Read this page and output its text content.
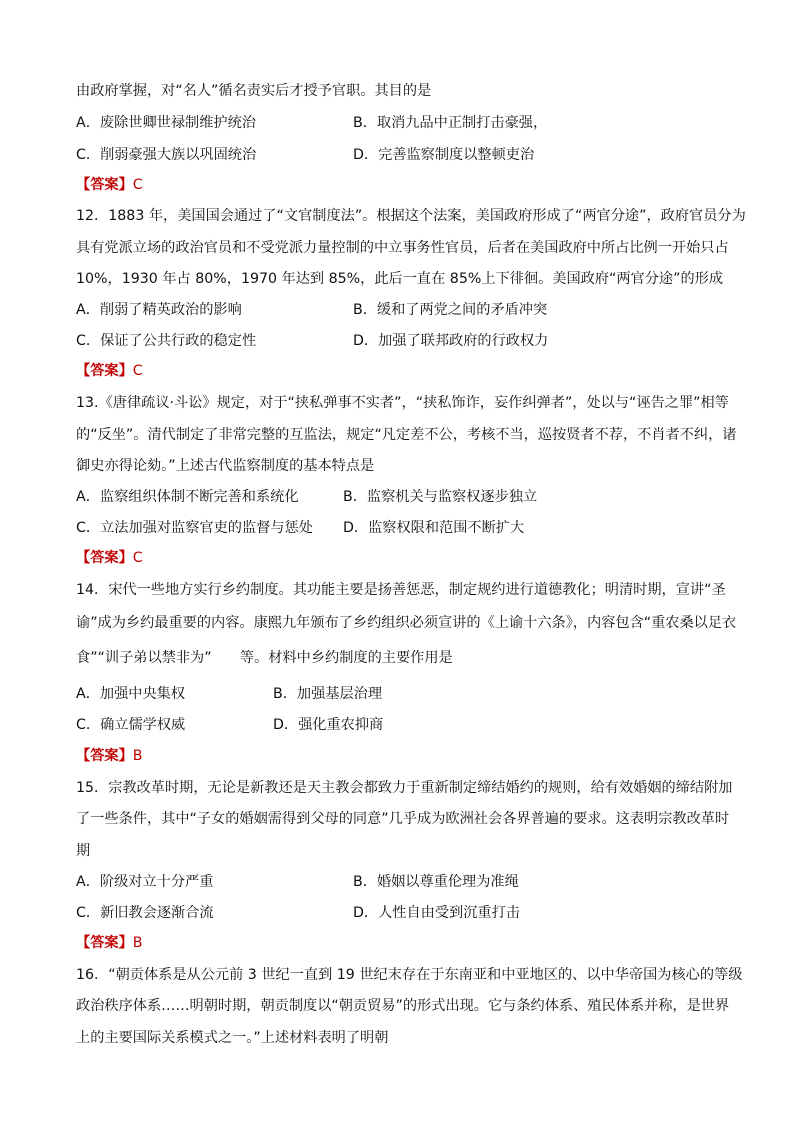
由政府掌握，对“名人”循名责实后才授予官职。其目的是
A．废除世卿世禄制维护统治	B．取消九品中正制打击豪强，
C．削弱豪强大族以巩固统治	D．完善监察制度以整顿吏治
【答案】C
12．1883 年，美国国会通过了“文官制度法”。根据这个法案，美国政府形成了“两官分途”，政府官员分为
具有党派立场的政治官员和不受党派力量控制的中立事务性官员，后者在美国政府中所占比例一开始只占
10%，1930 年占 80%，1970 年达到 85%，此后一直在 85%上下徘徊。美国政府“两官分途”的形成
A．削弱了精英政治的影响	B．缓和了两党之间的矛盾冲突
C．保证了公共行政的稳定性	D．加强了联邦政府的行政权力
【答案】C
13.《唐律疏议·斗讼》规定，对于“挟私弹事不实者”，“挟私饰诈，妄作纠弹者”，处以与“诬告之罪”相等
的“反坐”。清代制定了非常完整的互监法，规定“凡定差不公，考核不当，巡按贤者不荐，不肖者不纠，诸
御史亦得论劾。”上述古代监察制度的基本特点是
A．监察组织体制不断完善和系统化	B．监察机关与监察权逐步独立
C．立法加强对监察官吏的监督与惩处 D．监察权限和范围不断扩大
【答案】C
14．宋代一些地方实行乡约制度。其功能主要是扬善惩恶，制定规约进行道德教化；明清时期，宣讲“圣
谕”成为乡约最重要的内容。康熙九年颁布了乡约组织必须宣讲的《上谕十六条》，内容包含“重农桑以足衣
食”“训子弟以禁非为”　　等。材料中乡约制度的主要作用是
A．加强中央集权	B．加强基层治理
C．确立儒学权威	D．强化重农抑商
【答案】B
15．宗教改革时期，无论是新教还是天主教会都致力于重新制定缔结婚约的规则，给有效婚姻的缔结附加
了一些条件，其中“子女的婚姻需得到父母的同意”几乎成为欧洲社会各界普遍的要求。这表明宗教改革时
期
A．阶级对立十分严重	B．婚姻以尊重伦理为准绳
C．新旧教会逐渐合流	D．人性自由受到沉重打击
【答案】B
16．“朝贡体系是从公元前 3 世纪一直到 19 世纪末存在于东南亚和中亚地区的、以中华帝国为核心的等级
政治秩序体系……明朝时期，朝贡制度以“朝贡贸易”的形式出现。它与条约体系、殖民体系并称，是世界
上的主要国际关系模式之一。”上述材料表明了明朝
